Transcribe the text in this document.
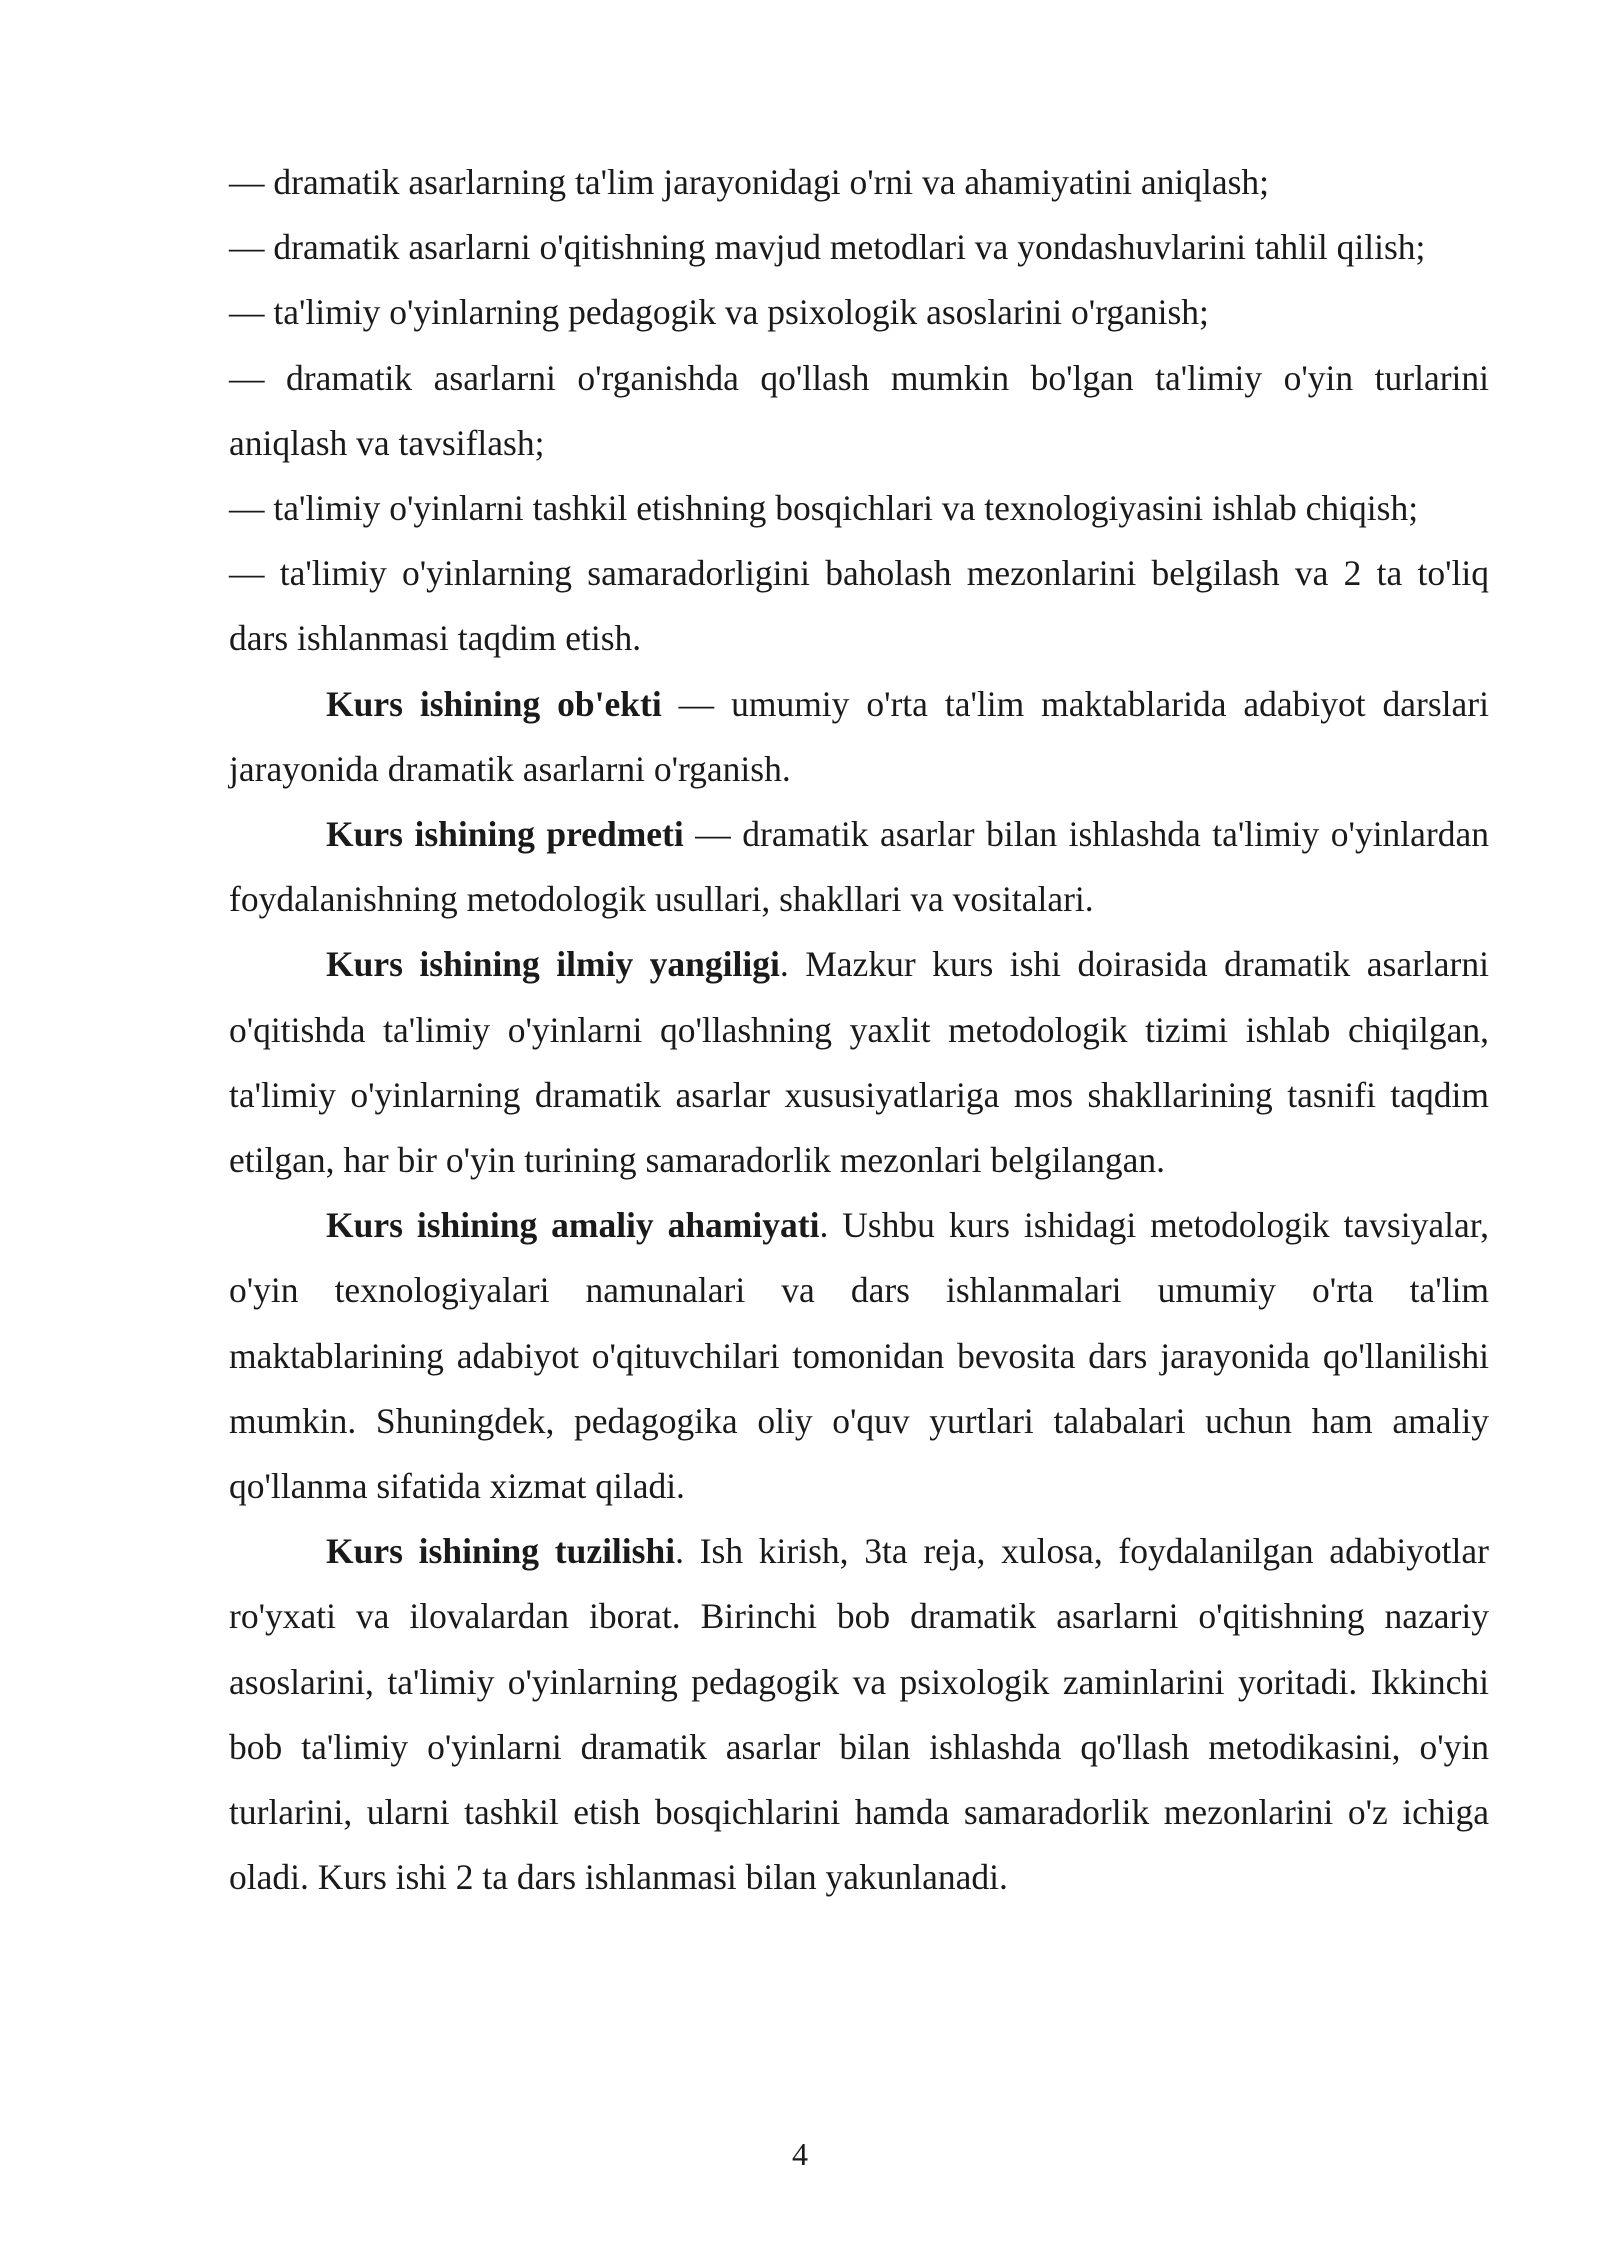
— dramatik asarlarning ta'lim jarayonidagi o'rni va ahamiyatini aniqlash;

— dramatik asarlarni o'qitishning mavjud metodlari va yondashuvlarini tahlil qilish;

— ta'limiy o'yinlarning pedagogik va psixologik asoslarini o'rganish;

— dramatik asarlarni o'rganishda qo'llash mumkin bo'lgan ta'limiy o'yin turlarini aniqlash va tavsiflash;

— ta'limiy o'yinlarni tashkil etishning bosqichlari va texnologiyasini ishlab chiqish;

— ta'limiy o'yinlarning samaradorligini baholash mezonlarini belgilash va 2 ta to'liq dars ishlanmasi taqdim etish.

Kurs ishining ob'ekti — umumiy o'rta ta'lim maktablarida adabiyot darslari jarayonida dramatik asarlarni o'rganish.

Kurs ishining predmeti — dramatik asarlar bilan ishlashda ta'limiy o'yinlardan foydalanishning metodologik usullari, shakllari va vositalari.

Kurs ishining ilmiy yangiligi. Mazkur kurs ishi doirasida dramatik asarlarni o'qitishda ta'limiy o'yinlarni qo'llashning yaxlit metodologik tizimi ishlab chiqilgan, ta'limiy o'yinlarning dramatik asarlar xususiyatlariga mos shakllarining tasnifi taqdim etilgan, har bir o'yin turining samaradorlik mezonlari belgilangan.

Kurs ishining amaliy ahamiyati. Ushbu kurs ishidagi metodologik tavsiyalar, o'yin texnologiyalari namunalari va dars ishlanmalari umumiy o'rta ta'lim maktablarining adabiyot o'qituvchilari tomonidan bevosita dars jarayonida qo'llanilishi mumkin. Shuningdek, pedagogika oliy o'quv yurtlari talabalari uchun ham amaliy qo'llanma sifatida xizmat qiladi.

Kurs ishining tuzilishi. Ish kirish, 3ta reja, xulosa, foydalanilgan adabiyotlar ro'yxati va ilovalardan iborat. Birinchi bob dramatik asarlarni o'qitishning nazariy asoslarini, ta'limiy o'yinlarning pedagogik va psixologik zaminlarini yoritadi. Ikkinchi bob ta'limiy o'yinlarni dramatik asarlar bilan ishlashda qo'llash metodikasini, o'yin turlarini, ularni tashkil etish bosqichlarini hamda samaradorlik mezonlarini o'z ichiga oladi. Kurs ishi 2 ta dars ishlanmasi bilan yakunlanadi.

4
